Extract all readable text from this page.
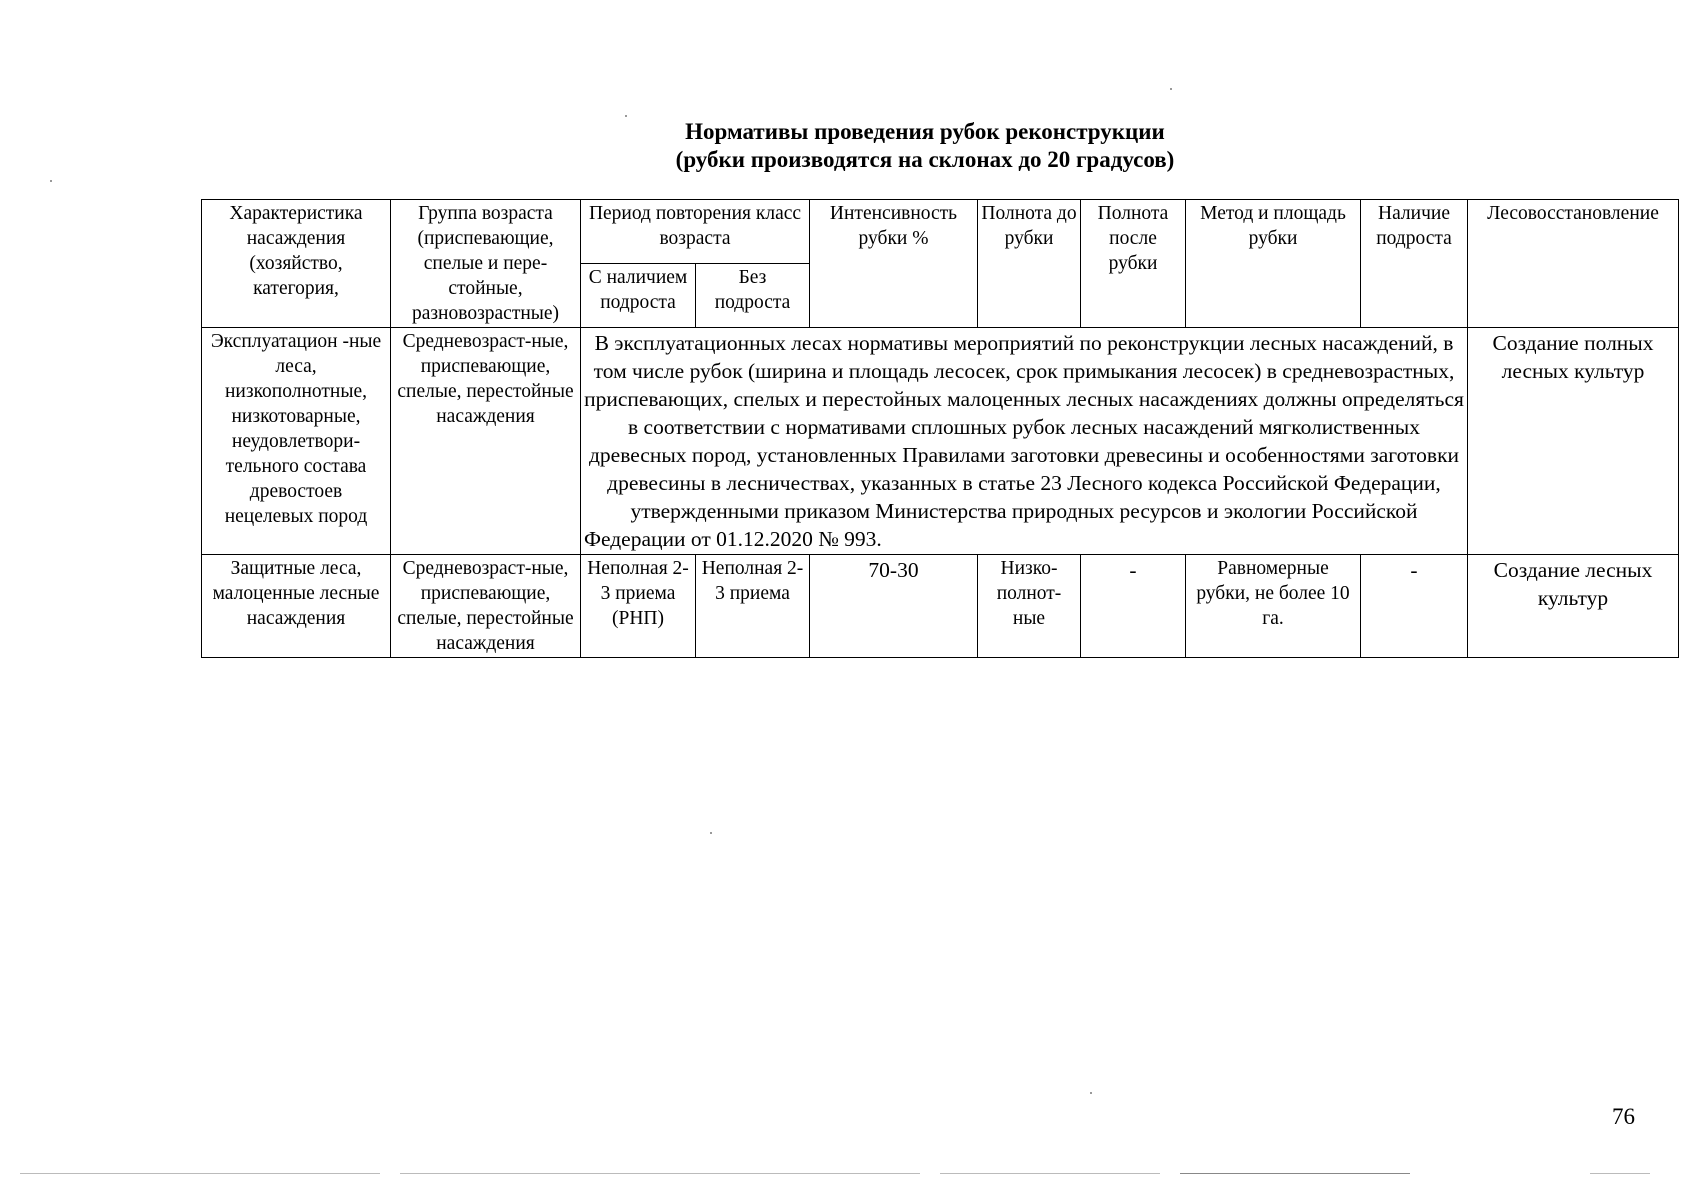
Нормативы проведения рубок реконструкции
(рубки производятся на склонах до 20 градусов)
Характеристика насаждения (хозяйство, категория,	Группа возраста (приспевающие, спелые и пере-стойные, разновозрастные)	Период повторения класс возраста		Интенсивность рубки %	Полнота до рубки	Полнота после рубки	Метод и площадь рубки	Наличие подроста	Лесовосстановление
		С наличием подроста	Без подроста						
Эксплуатацион -ные леса, низкополнотные, низкотоварные, неудовлетвори-тельного состава древостоев нецелевых пород	Средневозраст-ные, приспевающие, спелые, перестойные насаждения	В эксплуатационных лесах нормативы мероприятий по реконструкции лесных насаждений, в том числе рубок (ширина и площадь лесосек, срок примыкания лесосек) в средневозрастных, приспевающих, спелых и перестойных малоценных лесных насаждениях должны определяться в соответствии с нормативами сплошных рубок лесных насаждений мягколиственных древесных пород, установленных Правилами заготовки древесины и особенностями заготовки древесины в лесничествах, указанных в статье 23 Лесного кодекса Российской Федерации, утвержденными приказом Министерства природных ресурсов и экологии Российской Федерации от 01.12.2020 № 993.							Создание полных лесных культур
Защитные леса, малоценные лесные насаждения	Средневозраст-ные, приспевающие, спелые, перестойные насаждения	Неполная 2-3 приема (РНП)	Неполная 2-3 приема	70-30	Низко-полнот-ные	-	Равномерные рубки, не более 10 га.	-	Создание лесных культур
76
